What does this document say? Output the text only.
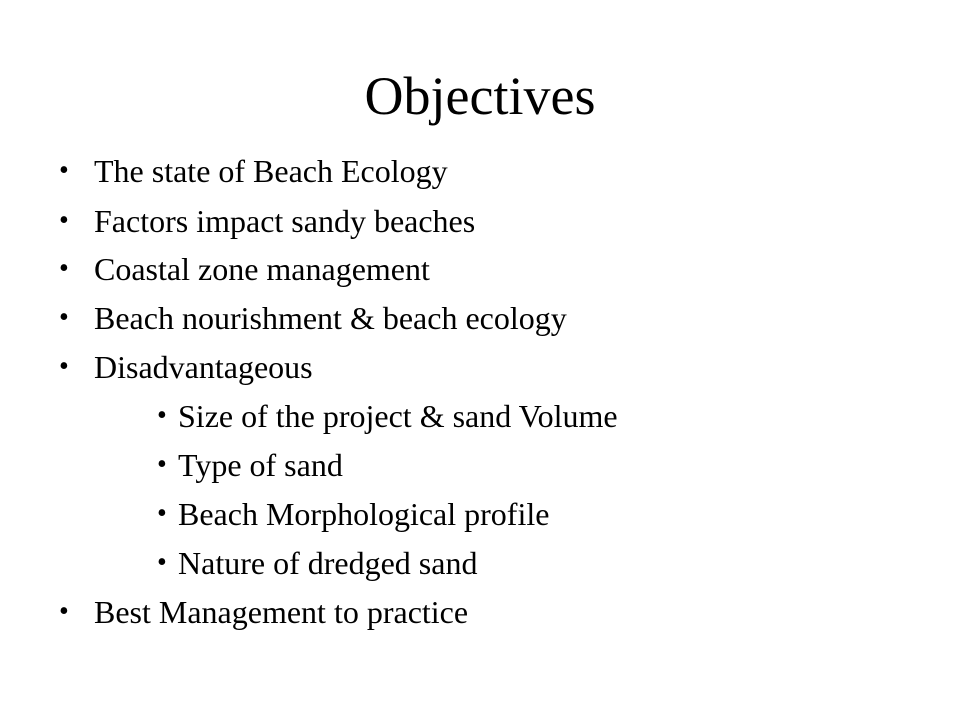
Objectives
• The state of Beach Ecology
• Factors impact sandy beaches
• Coastal zone management
• Beach nourishment & beach ecology
• Disadvantageous
• Size of the project & sand Volume
• Type of sand
• Beach Morphological profile
• Nature of dredged sand
• Best Management to practice
